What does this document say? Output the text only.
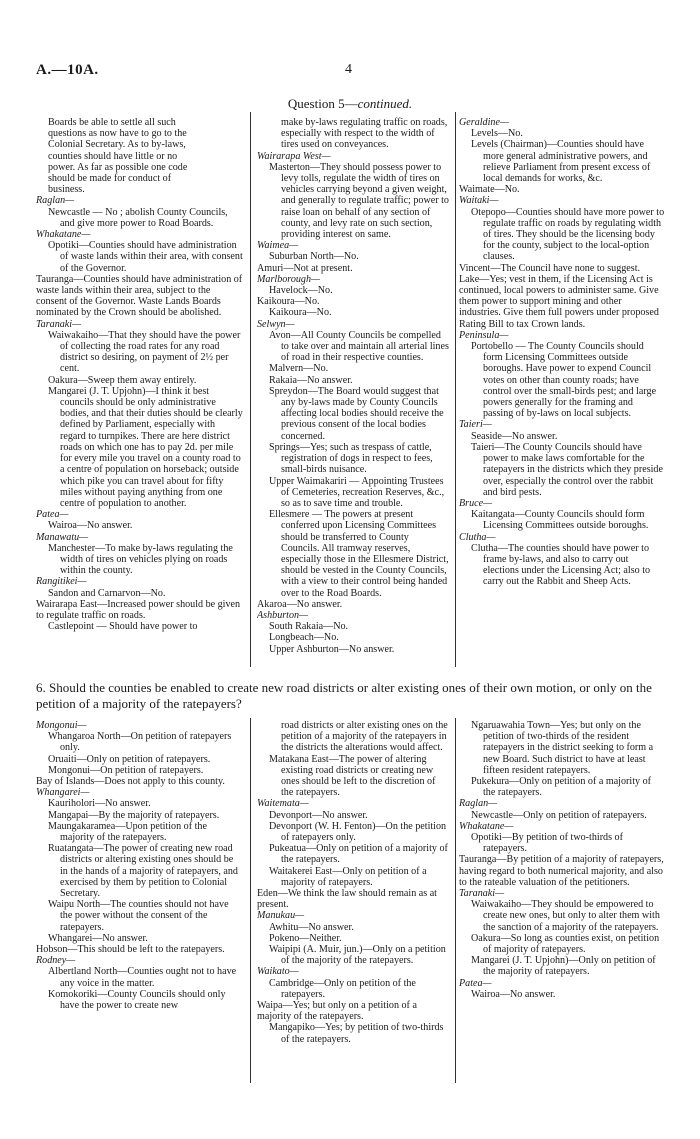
A.—10A.	4
Question 5—continued.

Boards be able to settle all such

questions as now have to go to the

Colonial Secretary. As to by-laws,

counties should have little or no

power. As far as possible one code

should be made for conduct of

business.

Raglan—

Newcastle — No ; abolish County Councils, and give more power to Road Boards.

Whakatane—

Opotiki—Counties should have administration of waste lands within their area, with consent of the Governor.

Tauranga—Counties should have administration of waste lands within their area, subject to the consent of the Governor. Waste Lands Boards nominated by the Crown should be abolished.

Taranaki—

Waiwakaiho—That they should have the power of collecting the road rates for any road district so desiring, on payment of 2½ per cent.

Oakura—Sweep them away entirely.

Mangarei (J. T. Upjohn)—I think it best councils should be only administrative bodies, and that their duties should be clearly defined by Parliament, especially with regard to turnpikes. There are here district roads on which one has to pay 2d. per mile for every mile you travel on a county road to a centre of population on horseback; outside which pike you can travel about for fifty miles without paying anything from one centre of population to another.

Patea—

Wairoa—No answer.

Manawatu—

Manchester—To make by-laws regulating the width of tires on vehicles plying on roads within the county.

Rangitikei—

Sandon and Carnarvon—No.

Wairarapa East—Increased power should be given to regulate traffic on roads.

Castlepoint — Should have power to

make by-laws regulating traffic on roads, especially with respect to the width of tires used on conveyances.

Wairarapa West—

Masterton—They should possess power to levy tolls, regulate the width of tires on vehicles carrying beyond a given weight, and generally to regulate traffic; power to raise loan on behalf of any section of county, and levy rate on such section, providing interest on same.

Waimea—

Suburban North—No.

Amuri—Not at present.

Marlborough—

Havelock—No.

Kaikoura—No.

Kaikoura—No.

Selwyn—

Avon—All County Councils be compelled to take over and maintain all arterial lines of road in their respective counties.

Malvern—No.

Rakaia—No answer.

Spreydon—The Board would suggest that any by-laws made by County Councils affecting local bodies should receive the previous consent of the local bodies concerned.

Springs—Yes; such as trespass of cattle, registration of dogs in respect to fees, small-birds nuisance.

Upper Waimakariri — Appointing Trustees of Cemeteries, recreation Reserves, &c., so as to save time and trouble.

Ellesmere — The powers at present conferred upon Licensing Committees should be transferred to County Councils. All tramway reserves, especially those in the Ellesmere District, should be vested in the County Councils, with a view to their control being handed over to the Road Boards.

Akaroa—No answer.

Ashburton—

South Rakaia—No.

Longbeach—No.

Upper Ashburton—No answer.

Geraldine—

Levels—No.

Levels (Chairman)—Counties should have more general administrative powers, and relieve Parliament from present excess of local demands for works, &c.

Waimate—No.

Waitaki—

Otepopo—Counties should have more power to regulate traffic on roads by regulating width of tires. They should be the licensing body for the county, subject to the local-option clauses.

Vincent—The Council have none to suggest.

Lake—Yes; vest in them, if the Licensing Act is continued, local powers to administer same. Give them power to support mining and other industries. Give them full powers under proposed Rating Bill to tax Crown lands.

Peninsula—

Portobello — The County Councils should form Licensing Committees outside boroughs. Have power to expend Council votes on other than county roads; have control over the small-birds pest; and large powers generally for the framing and passing of by-laws on local subjects.

Taieri—

Seaside—No answer.

Taieri—The County Councils should have power to make laws comfortable for the ratepayers in the districts which they preside over, especially the control over the rabbit and bird pests.

Bruce—

Kaitangata—County Councils should form Licensing Committees outside boroughs.

Clutha—

Clutha—The counties should have power to frame by-laws, and also to carry out elections under the Licensing Act; also to carry out the Rabbit and Sheep Acts.

6. Should the counties be enabled to create new road districts or alter existing ones of their own motion, or only on the petition of a majority of the ratepayers?

Mongonui—

Whangaroa North—On petition of ratepayers only.

Oruaiti—Only on petition of ratepayers.

Mongonui—On petition of ratepayers.

Bay of Islands—Does not apply to this county.

Whangarei—

Kauriholori—No answer.

Mangapai—By the majority of ratepayers.

Maungakaramea—Upon petition of the majority of the ratepayers.

Ruatangata—The power of creating new road districts or altering existing ones should be in the hands of a majority of ratepayers, and exercised by them by petition to Colonial Secretary.

Waipu North—The counties should not have the power without the consent of the ratepayers.

Whangarei—No answer.

Hobson—This should be left to the ratepayers.

Rodney—

Albertland North—Counties ought not to have any voice in the matter.

Komokoriki—County Councils should only have the power to create new

road districts or alter existing ones on the petition of a majority of the ratepayers in the districts the alterations would affect.

Matakana East—The power of altering existing road districts or creating new ones should be left to the discretion of the ratepayers.

Waitemata—

Devonport—No answer.

Devonport (W. H. Fenton)—On the petition of ratepayers only.

Pukeatua—Only on petition of a majority of the ratepayers.

Waitakerei East—Only on petition of a majority of ratepayers.

Eden—We think the law should remain as at present.

Manukau—

Awhitu—No answer.

Pokeno—Neither.

Waipipi (A. Muir, jun.)—Only on a petition of the majority of the ratepayers.

Waikato—

Cambridge—Only on petition of the ratepayers.

Waipa—Yes; but only on a petition of a majority of the ratepayers.

Mangapiko—Yes; by petition of two-thirds of the ratepayers.

Ngaruawahia Town—Yes; but only on the petition of two-thirds of the resident ratepayers in the district seeking to form a new Board. Such district to have at least fifteen resident ratepayers.

Pukekura—Only on petition of a majority of the ratepayers.

Raglan—

Newcastle—Only on petition of ratepayers.

Whakatane—

Opotiki—By petition of two-thirds of ratepayers.

Tauranga—By petition of a majority of ratepayers, having regard to both numerical majority, and also to the rateable valuation of the petitioners.

Taranaki—

Waiwakaiho—They should be empowered to create new ones, but only to alter them with the sanction of a majority of the ratepayers.

Oakura—So long as counties exist, on petition of majority of ratepayers.

Mangarei (J. T. Upjohn)—Only on petition of the majority of ratepayers.

Patea—

Wairoa—No answer.
